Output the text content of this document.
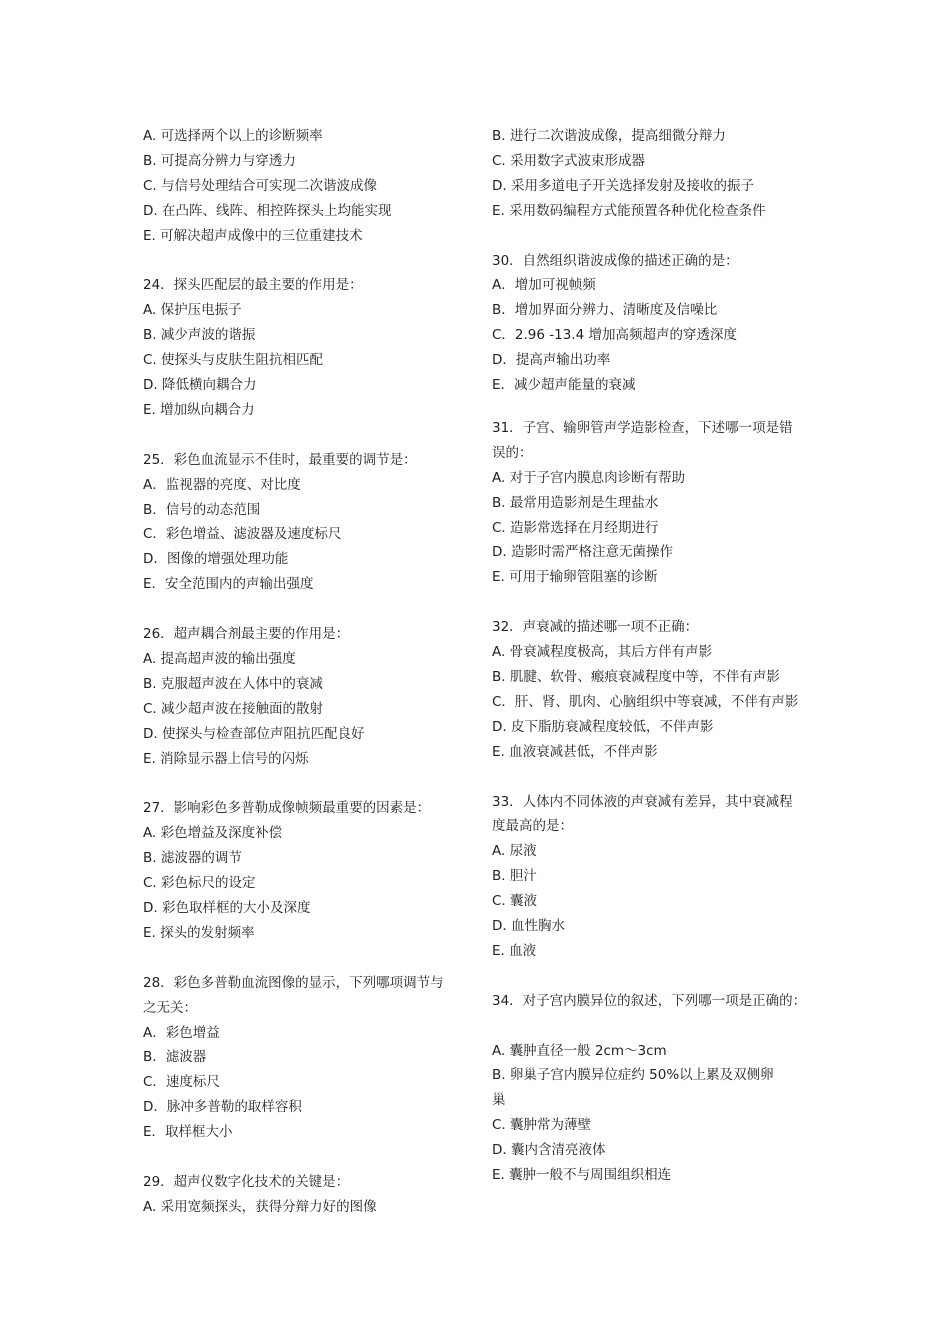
A. 可选择两个以上的诊断频率

B. 可提高分辨力与穿透力

C. 与信号处理结合可实现二次谐波成像

D. 在凸阵、线阵、相控阵探头上均能实现

E. 可解决超声成像中的三位重建技术

24．探头匹配层的最主要的作用是：

A. 保护压电振子

B. 减少声波的谐振

C. 使探头与皮肤生阻抗相匹配

D. 降低横向耦合力

E. 增加纵向耦合力

25．彩色血流显示不佳时，最重要的调节是：

A．监视器的亮度、对比度

B．信号的动态范围

C．彩色增益、滤波器及速度标尺

D．图像的增强处理功能

E．安全范围内的声输出强度

26．超声耦合剂最主要的作用是：

A. 提高超声波的输出强度

B. 克服超声波在人体中的衰减

C. 减少超声波在接触面的散射

D. 使探头与检查部位声阻抗匹配良好

E. 消除显示器上信号的闪烁

27．影响彩色多普勒成像帧频最重要的因素是：

A. 彩色增益及深度补偿

B. 滤波器的调节

C. 彩色标尺的设定

D. 彩色取样框的大小及深度

E. 探头的发射频率

28．彩色多普勒血流图像的显示，下列哪项调节与

之无关：

A．彩色增益

B．滤波器

C．速度标尺

D．脉冲多普勒的取样容积

E．取样框大小

29．超声仪数字化技术的关键是：

A. 采用宽频探头，获得分辩力好的图像

B. 进行二次谐波成像，提高细微分辩力

C. 采用数字式波束形成器

D. 采用多道电子开关选择发射及接收的振子

E. 采用数码编程方式能预置各种优化检查条件

30．自然组织谐波成像的描述正确的是：

A．增加可视帧频

B．增加界面分辨力、清晰度及信噪比

C．2.96 -13.4 增加高频超声的穿透深度

D．提高声输出功率

E．减少超声能量的衰减

31．子宫、输卵管声学造影检查，下述哪一项是错

误的：

A. 对于子宫内膜息肉诊断有帮助

B. 最常用造影剂是生理盐水

C. 造影常选择在月经期进行

D. 造影时需严格注意无菌操作

E. 可用于输卵管阻塞的诊断

32．声衰减的描述哪一项不正确：

A. 骨衰减程度极高，其后方伴有声影

B. 肌腱、软骨、瘢痕衰减程度中等，不伴有声影

C．肝、肾、肌肉、心脑组织中等衰减，不伴有声影

D. 皮下脂肪衰减程度较低，不伴声影

E. 血液衰减甚低，不伴声影

33．人体内不同体液的声衰减有差异，其中衰减程

度最高的是：

A. 尿液

B. 胆汁

C. 囊液

D. 血性胸水

E. 血液

34．对子宫内膜异位的叙述，下列哪一项是正确的：

A. 囊肿直径一般 2cm～3cm

B. 卵巢子宫内膜异位症约 50%以上累及双侧卵

巢

C. 囊肿常为薄壁

D. 囊内含清亮液体

E. 囊肿一般不与周围组织相连
